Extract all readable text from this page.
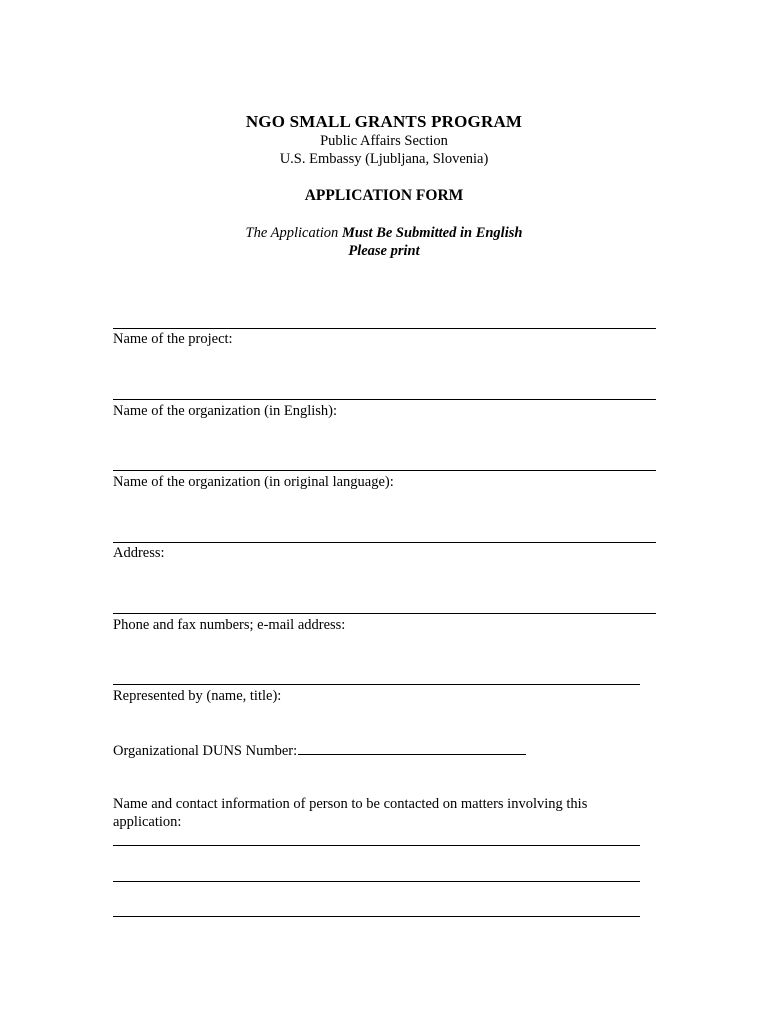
NGO SMALL GRANTS PROGRAM
Public Affairs Section
U.S. Embassy (Ljubljana, Slovenia)
APPLICATION FORM
The Application Must Be Submitted in English
Please print
Name of the project:
Name of the organization (in English):
Name of the organization (in original language):
Address:
Phone and fax numbers; e-mail address:
Represented by (name, title):
Organizational DUNS Number:
Name and contact information of person to be contacted on matters involving this application:
